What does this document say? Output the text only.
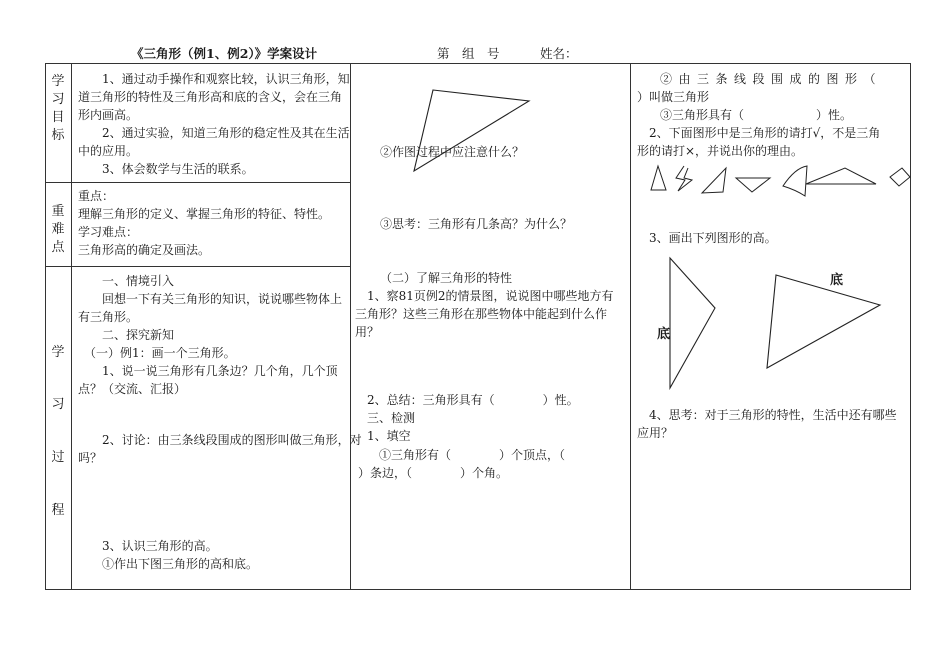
《三角形（例1、例2）》学案设计	第　组　号	姓名：
学
习
目
标
重
难
点
学
习
过
程
　　1、通过动手操作和观察比较，认识三角形，知
道三角形的特性及三角形高和底的含义，会在三角
形内画高。
　　2、通过实验，知道三角形的稳定性及其在生活
中的应用。
　　3、体会数学与生活的联系。
重点：
理解三角形的定义、掌握三角形的特征、特性。
学习难点：
三角形高的确定及画法。
　　一、情境引入
　　回想一下有关三角形的知识，说说哪些物体上
有三角形。
　　二、探究新知
　（一）例1：画一个三角形。
　　1、说一说三角形有几条边？几个角，几个顶
点？（交流、汇报）
　　2、讨论：由三条线段围成的图形叫做三角形，对
吗？
　　3、认识三角形的高。
　　①作出下图三角形的高和底。
②作图过程中应注意什么？
③思考：三角形有几条高？为什么？
（二）了解三角形的特性
　1、察81页例2的情景图，说说图中哪些地方有
三角形？这些三角形在那些物体中能起到什么作
用？
　2、总结：三角形具有（　　　　）性。
　三、检测
　1、填空
　　①三角形有（　　　　）个顶点，（
）条边，（　　　　）个角。
②由三条线段围成的图形（
）叫做三角形
③三角形具有（　　　　　　）性。
　2、下面图形中是三角形的请打√，不是三角
形的请打×，并说出你的理由。
　3、画出下列图形的高。
底
底
　4、思考：对于三角形的特性，生活中还有哪些
应用？
